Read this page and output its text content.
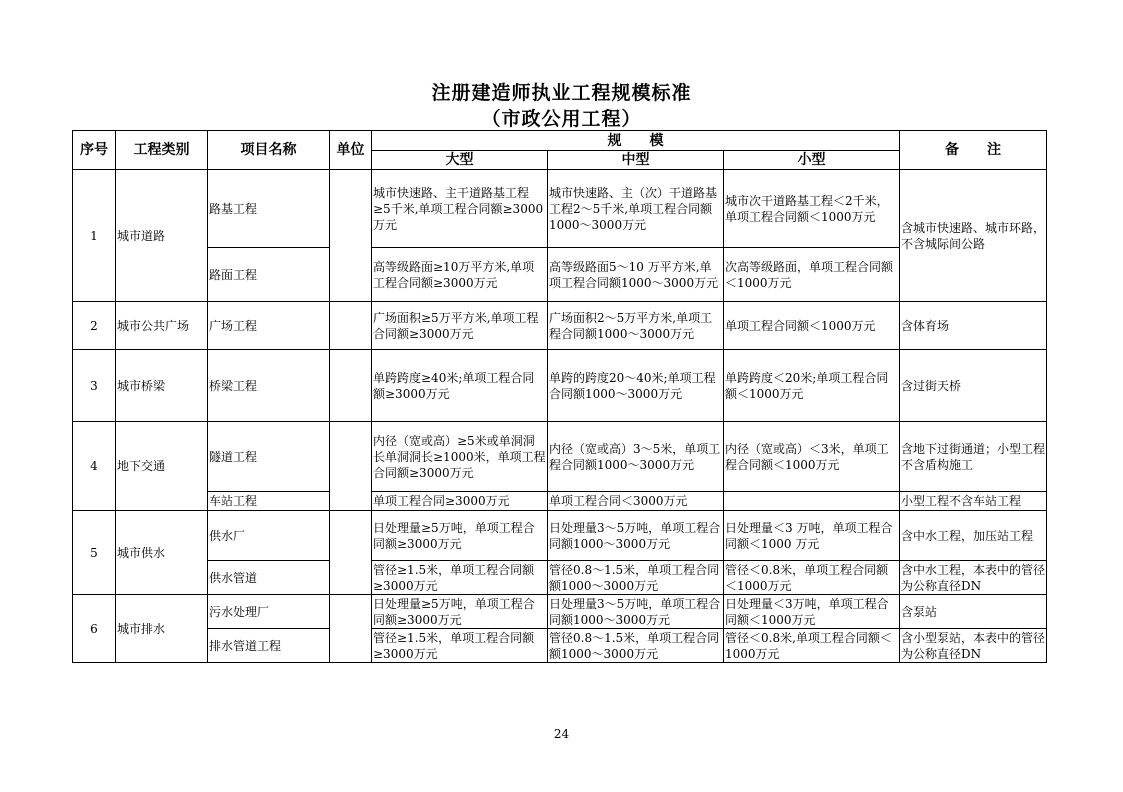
注册建造师执业工程规模标准
（市政公用工程）
序号	工程类别	项目名称	单位	规　　模			备　　注
				大型	中型	小型	
1	城市道路	路基工程		城市快速路、主干道路基工程≥5千米,单项工程合同额≥3000万元	城市快速路、主（次）干道路基工程2～5千米,单项工程合同额1000～3000万元	城市次干道路基工程＜2千米，单项工程合同额＜1000万元	含城市快速路、城市环路，不含城际间公路
		路面工程		高等级路面≥10万平方米,单项工程合同额≥3000万元	高等级路面5～10 万平方米,单项工程合同额1000～3000万元	次高等级路面，单项工程合同额＜1000万元	
2	城市公共广场	广场工程		广场面积≥5万平方米,单项工程合同额≥3000万元	广场面积2～5万平方米,单项工程合同额1000～3000万元	单项工程合同额＜1000万元	含体育场
3	城市桥梁	桥梁工程		单跨跨度≥40米;单项工程合同额≥3000万元	单跨的跨度20～40米;单项工程合同额1000～3000万元	单跨跨度＜20米;单项工程合同额＜1000万元	含过街天桥
4	地下交通	隧道工程		内径（宽或高）≥5米或单洞洞长单洞洞长≥1000米，单项工程合同额≥3000万元	内径（宽或高）3～5米，单项工程合同额1000～3000万元	内径（宽或高）＜3米，单项工程合同额＜1000万元	含地下过街通道；小型工程不含盾构施工
		车站工程		单项工程合同≥3000万元	单项工程合同＜3000万元		小型工程不含车站工程
5	城市供水	供水厂		日处理量≥5万吨，单项工程合同额≥3000万元	日处理量3～5万吨，单项工程合同额1000～3000万元	日处理量＜3 万吨，单项工程合同额＜1000 万元	含中水工程，加压站工程
		供水管道		管径≥1.5米，单项工程合同额≥3000万元	管径0.8～1.5米，单项工程合同额1000～3000万元	管径＜0.8米，单项工程合同额＜1000万元	含中水工程，本表中的管径为公称直径DN
6	城市排水	污水处理厂		日处理量≥5万吨，单项工程合同额≥3000万元	日处理量3～5万吨，单项工程合同额1000～3000万元	日处理量＜3万吨，单项工程合同额＜1000万元	含泵站
		排水管道工程		管径≥1.5米，单项工程合同额≥3000万元	管径0.8～1.5米，单项工程合同额1000～3000万元	管径＜0.8米,单项工程合同额＜1000万元	含小型泵站，本表中的管径为公称直径DN
24
